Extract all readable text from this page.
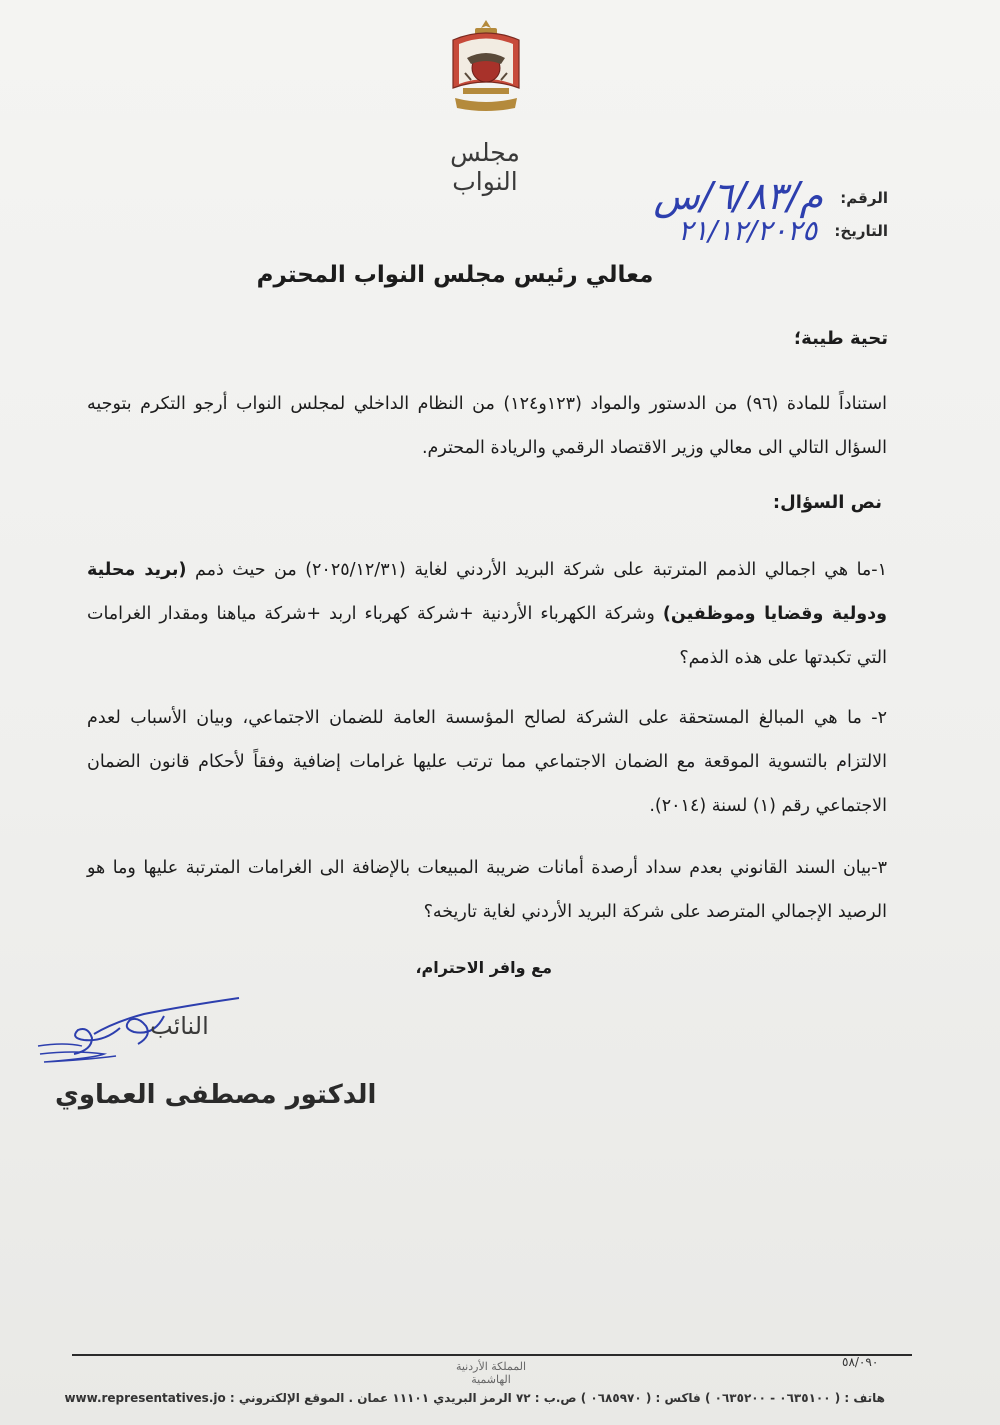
مجلس النواب
الرقم: م/٦/٨٣/س
التاريخ: ٢١/١٢/٢٠٢٥
معالي رئيس مجلس النواب المحترم
تحية طيبة؛
استناداً للمادة (٩٦) من الدستور والمواد (١٢٣و١٢٤) من النظام الداخلي لمجلس النواب أرجو التكرم بتوجيه السؤال التالي الى معالي وزير الاقتصاد الرقمي والريادة المحترم.
نص السؤال:
١-ما هي اجمالي الذمم المترتبة على شركة البريد الأردني لغاية (٢٠٢٥/١٢/٣١) من حيث ذمم (بريد محلية ودولية وقضايا وموظفين) وشركة الكهرباء الأردنية +شركة كهرباء اربد +شركة مياهنا ومقدار الغرامات التي تكبدتها على هذه الذمم؟
٢- ما هي المبالغ المستحقة على الشركة لصالح المؤسسة العامة للضمان الاجتماعي، وبيان الأسباب لعدم الالتزام بالتسوية الموقعة مع الضمان الاجتماعي مما ترتب عليها غرامات إضافية وفقاً لأحكام قانون الضمان الاجتماعي رقم (١) لسنة (٢٠١٤).
٣-بيان السند القانوني بعدم سداد أرصدة أمانات ضريبة المبيعات بالإضافة الى الغرامات المترتبة عليها وما هو الرصيد الإجمالي المترصد على شركة البريد الأردني لغاية تاريخه؟
مع وافر الاحترام،
النائب
الدكتور مصطفى العماوي
المملكة الأردنية الهاشمية
٥٨/٠٩٠
هاتف : ( ٠٦٣٥١٠٠ - ٠٦٣٥٢٠٠ ) فاكس : ( ٠٦٨٥٩٧٠ ) ص.ب : ٧٢ الرمز البريدي ١١١٠١ عمان . الموقع الإلكتروني : www.representatives.jo
